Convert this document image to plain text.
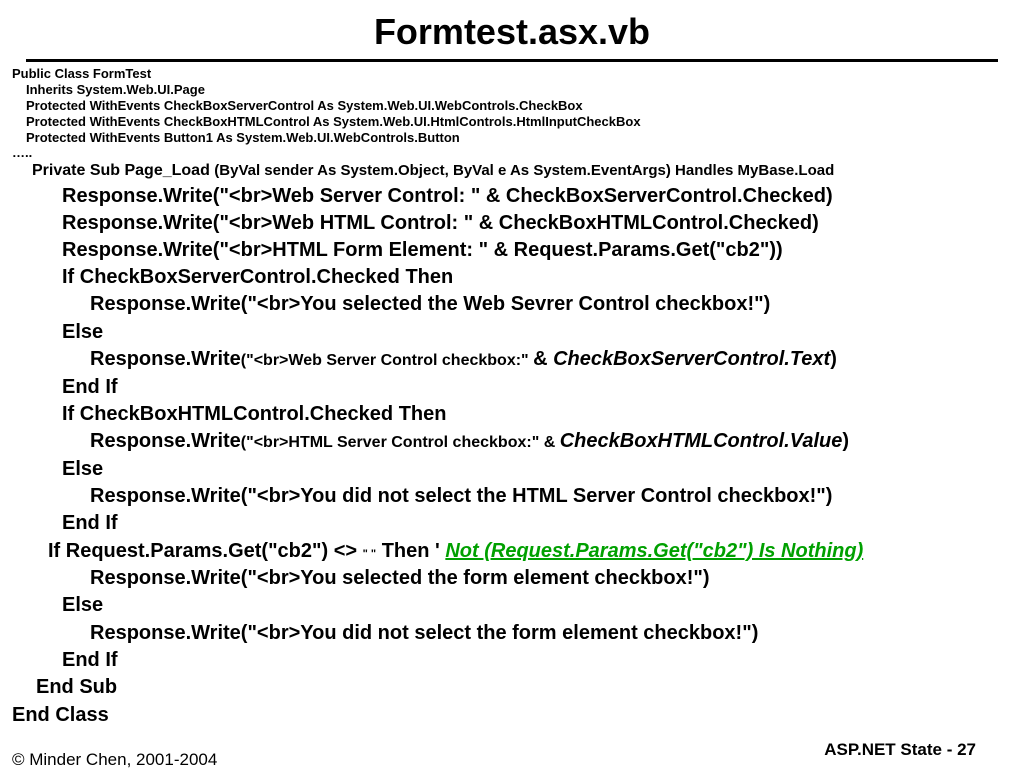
Formtest.asx.vb
Public Class FormTest
Inherits System.Web.UI.Page
Protected WithEvents CheckBoxServerControl As System.Web.UI.WebControls.CheckBox
Protected WithEvents CheckBoxHTMLControl As System.Web.UI.HtmlControls.HtmlInputCheckBox
Protected WithEvents Button1 As System.Web.UI.WebControls.Button
…..
Private Sub Page_Load (ByVal sender As System.Object, ByVal e As System.EventArgs) Handles MyBase.Load
Response.Write("<br>Web Server Control: " & CheckBoxServerControl.Checked)
Response.Write("<br>Web HTML Control: " & CheckBoxHTMLControl.Checked)
Response.Write("<br>HTML Form Element: " & Request.Params.Get("cb2"))
If CheckBoxServerControl.Checked Then
Response.Write("<br>You selected the Web Sevrer Control checkbox!")
Else
Response.Write("<br>Web Server Control checkbox:" & CheckBoxServerControl.Text)
End If
If CheckBoxHTMLControl.Checked Then
Response.Write("<br>HTML Server Control checkbox:" & CheckBoxHTMLControl.Value)
Else
Response.Write("<br>You did not select the HTML Server Control checkbox!")
End If
If Request.Params.Get("cb2") <> " " Then ' Not (Request.Params.Get("cb2") Is Nothing)
Response.Write("<br>You selected the form element checkbox!")
Else
Response.Write("<br>You did not select the form element checkbox!")
End If
End Sub
End Class
© Minder Chen, 2001-2004
ASP.NET State - 27
